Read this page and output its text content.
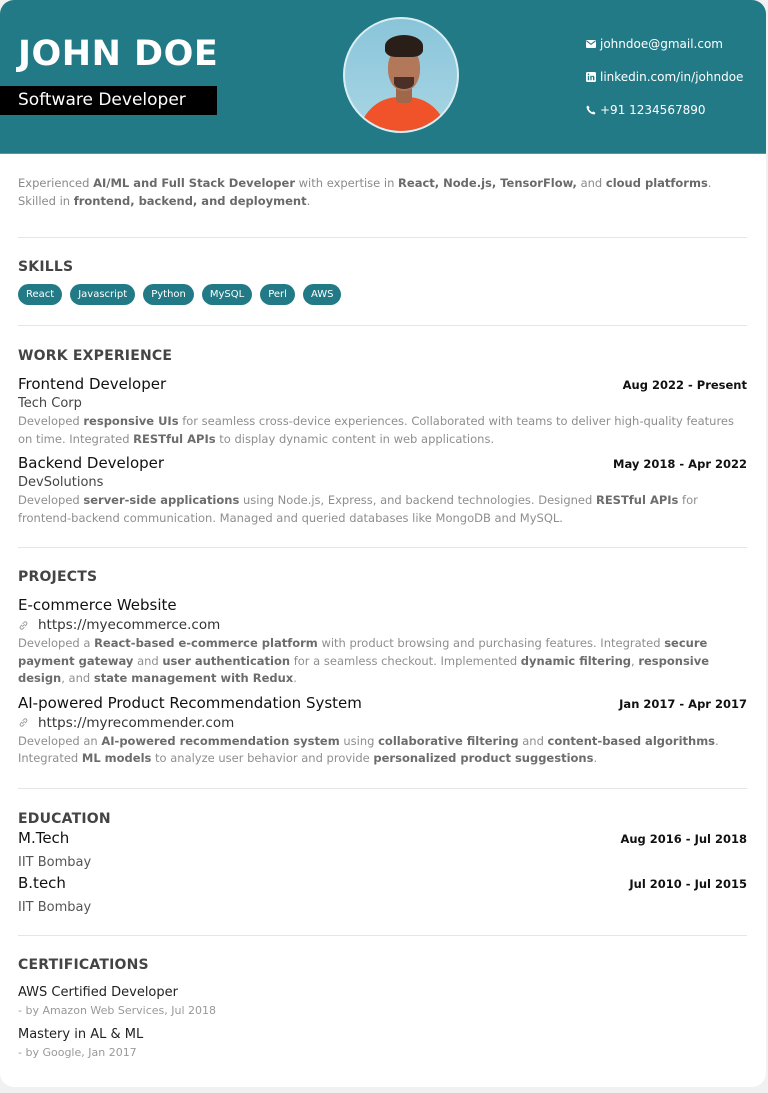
JOHN DOE
Software Developer
johndoe@gmail.com
linkedin.com/in/johndoe
+91 1234567890

Experienced AI/ML and Full Stack Developer with expertise in React, Node.js, TensorFlow, and cloud platforms. Skilled in frontend, backend, and deployment.

SKILLS
React	Javascript	Python	MySQL	Perl	AWS
WORK EXPERIENCE
Frontend Developer	Aug 2022 - Present
Tech Corp

Developed responsive UIs for seamless cross-device experiences. Collaborated with teams to deliver high-quality features on time. Integrated RESTful APIs to display dynamic content in web applications.

Backend Developer	May 2018 - Apr 2022
DevSolutions

Developed server-side applications using Node.js, Express, and backend technologies. Designed RESTful APIs for frontend-backend communication. Managed and queried databases like MongoDB and MySQL.

PROJECTS
E-commerce Website
https://myecommerce.com

Developed a React-based e-commerce platform with product browsing and purchasing features. Integrated secure payment gateway and user authentication for a seamless checkout. Implemented dynamic filtering, responsive design, and state management with Redux.

AI-powered Product Recommendation System	Jan 2017 - Apr 2017
https://myrecommender.com

Developed an AI-powered recommendation system using collaborative filtering and content-based algorithms. Integrated ML models to analyze user behavior and provide personalized product suggestions.

EDUCATION
M.Tech	Aug 2016 - Jul 2018
IIT Bombay
B.tech	Jul 2010 - Jul 2015
IIT Bombay
CERTIFICATIONS
AWS Certified Developer
- by Amazon Web Services, Jul 2018
Mastery in AL & ML
- by Google, Jan 2017
